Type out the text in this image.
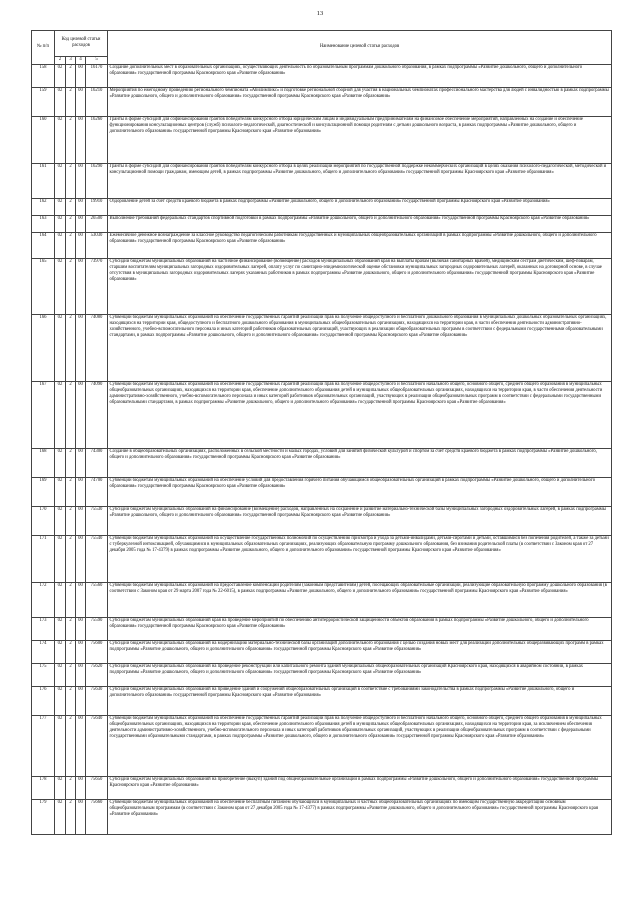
13
№ п/п	Код целевой статьи расходов				Наименование целевой статьи расходов
	2	3	4	5	
158	02	2	00	16170	Создание дополнительных мест в образовательных организациях, осуществляющих деятельность по образовательным программам дошкольного образования, в рамках подпрограммы «Развитие дошкольного, общего и дополнительного образования» государственной программы Красноярского края «Развитие образования»
159	02	2	00	16210	Мероприятия по ежегодному проведению регионального чемпионата «Абилимпикс» и подготовке региональной сборной для участия в национальных чемпионатах профессионального мастерства для людей с инвалидностью в рамках подпрограммы «Развитие дошкольного, общего и дополнительного образования» государственной программы Красноярского края «Развитие образования»
160	02	2	00	16260	Гранты в форме субсидий для софинансирования грантов победителям конкурсного отбора юридическим лицам и индивидуальным предпринимателям на финансовое обеспечение мероприятий, направленных на создание и обеспечение функционирования консультационных центров (служб) психолого-педагогической, диагностической и консультационной помощи родителям с детьми дошкольного возраста, в рамках подпрограммы «Развитие дошкольного, общего и дополнительного образования» государственной программы Красноярского края «Развитие образования»
161	02	2	00	16290	Гранты в форме субсидий для софинансирования грантов победителям конкурсного отбора в целях реализации мероприятий по государственной поддержке некоммерческих организаций в целях оказания психолого-педагогической, методической и консультационной помощи гражданам, имеющим детей, в рамках подпрограммы «Развитие дошкольного, общего и дополнительного образования» государственной программы Красноярского края «Развитие образования»
162	02	2	00	19910	Оздоровление детей за счет средств краевого бюджета в рамках подпрограммы «Развитие дошкольного, общего и дополнительного образования» государственной программы Красноярского края «Развитие образования»
163	02	2	00	26500	Выполнение требований федеральных стандартов спортивной подготовки в рамках подпрограммы «Развитие дошкольного, общего и дополнительного образования» государственной программы Красноярского края «Развитие образования»
164	02	2	00	53030	Ежемесячное денежное вознаграждение за классное руководство педагогическим работникам государственных и муниципальных общеобразовательных организаций в рамках подпрограммы «Развитие дошкольного, общего и дополнительного образования» государственной программы Красноярского края «Развитие образования»
165	02	2	00	73970	Субсидии бюджетам муниципальных образований на частичное финансирование (возмещение) расходов муниципальных образований края на выплаты врачам (включая санитарных врачей), медицинским сестрам диетическим, шеф-поварам, старшим воспитателям муниципальных загородных оздоровительных лагерей, оплату услуг по санитарно-эпидемиологической оценке обстановки муниципальных загородных оздоровительных лагерей, оказанных на договорной основе, в случае отсутствия в муниципальных загородных оздоровительных лагерях указанных работников в рамках подпрограммы «Развитие дошкольного, общего и дополнительного образования» государственной программы Красноярского края «Развитие образования»
166	02	2	00	74080	Субвенции бюджетам муниципальных образований на обеспечение государственных гарантий реализации прав на получение общедоступного и бесплатного дошкольного образования в муниципальных дошкольных образовательных организациях, находящихся на территории края, общедоступного и бесплатного дошкольного образования в муниципальных общеобразовательных организациях, находящихся на территории края, в части обеспечения деятельности административно-хозяйственного, учебно-вспомогательного персонала и иных категорий работников образовательных организаций, участвующих в реализации общеобразовательных программ в соответствии с федеральными государственными образовательными стандартами, в рамках подпрограммы «Развитие дошкольного, общего и дополнительного образования» государственной программы Красноярского края «Развитие образования»
167	02	2	00	74090	Субвенции бюджетам муниципальных образований на обеспечение государственных гарантий реализации прав на получение общедоступного и бесплатного начального общего, основного общего, среднего общего образования в муниципальных общеобразовательных организациях, находящихся на территории края, обеспечение дополнительного образования детей в муниципальных общеобразовательных организациях, находящихся на территории края, в части обеспечения деятельности административно-хозяйственного, учебно-вспомогательного персонала и иных категорий работников образовательных организаций, участвующих в реализации общеобразовательных программ в соответствии с федеральными государственными образовательными стандартами, в рамках подпрограммы «Развитие дошкольного, общего и дополнительного образования» государственной программы Красноярского края «Развитие образования»
168	02	2	00	74300	Создание в общеобразовательных организациях, расположенных в сельской местности и малых городах, условий для занятий физической культурой и спортом за счет средств краевого бюджета в рамках подпрограммы «Развитие дошкольного, общего и дополнительного образования» государственной программы Красноярского края «Развитие образования»
169	02	2	00	74700	Субвенции бюджетам муниципальных образований на обеспечение условий для предоставления горячего питания обучающимся общеобразовательных организаций в рамках подпрограммы «Развитие дошкольного, общего и дополнительного образования» государственной программы Красноярского края «Развитие образования»
170	02	2	00	75530	Субсидии бюджетам муниципальных образований на финансирование (возмещение) расходов, направленных на сохранение и развитие материально-технической базы муниципальных загородных оздоровительных лагерей, в рамках подпрограммы «Развитие дошкольного, общего и дополнительного образования» государственной программы Красноярского края «Развитие образования»
171	02	2	00	75540	Субвенции бюджетам муниципальных образований на осуществление государственных полномочий по осуществлению присмотра и ухода за детьми-инвалидами, детьми-сиротами и детьми, оставшимися без попечения родителей, а также за детьми с туберкулезной интоксикацией, обучающимися в муниципальных образовательных организациях, реализующих образовательную программу дошкольного образования, без взимания родительской платы (в соответствии с Законом края от 27 декабря 2005 года № 17-4379) в рамках подпрограммы «Развитие дошкольного, общего и дополнительного образования» государственной программы Красноярского края «Развитие образования»
172	02	2	00	75560	Субвенции бюджетам муниципальных образований на предоставление компенсации родителям (законным представителям) детей, посещающих образовательные организации, реализующие образовательную программу дошкольного образования (в соответствии с Законом края от 29 марта 2007 года № 22-6015), в рамках подпрограммы «Развитие дошкольного, общего и дополнительного образования» государственной программы Красноярского края «Развитие образования»
173	02	2	00	75590	Субсидии бюджетам муниципальных образований края на проведение мероприятий по обеспечению антитеррористической защищенности объектов образования в рамках подпрограммы «Развитие дошкольного, общего и дополнительного образования» государственной программы Красноярского края «Развитие образования»
174	02	2	00	75600	Субсидии бюджетам муниципальных образований на модернизацию материально-технической базы организаций дополнительного образования с целью создания новых мест для реализации дополнительных общеразвивающих программ в рамках подпрограммы «Развитие дошкольного, общего и дополнительного образования» государственной программы Красноярского края «Развитие образования»
175	02	2	00	75620	Субсидии бюджетам муниципальных образований на проведение реконструкции или капитального ремонта зданий муниципальных общеобразовательных организаций Красноярского края, находящихся в аварийном состоянии, в рамках подпрограммы «Развитие дошкольного, общего и дополнительного образования» государственной программы Красноярского края «Развитие образования»
176	02	2	00	75630	Субсидии бюджетам муниципальных образований на приведение зданий и сооружений общеобразовательных организаций в соответствие с требованиями законодательства в рамках подпрограммы «Развитие дошкольного, общего и дополнительного образования» государственной программы Красноярского края «Развитие образования»
177	02	2	00	75640	Субвенции бюджетам муниципальных образований на обеспечение государственных гарантий реализации прав на получение общедоступного и бесплатного начального общего, основного общего, среднего общего образования в муниципальных общеобразовательных организациях, находящихся на территории края, обеспечение дополнительного образования детей в муниципальных общеобразовательных организациях, находящихся на территории края, за исключением обеспечения деятельности административно-хозяйственного, учебно-вспомогательного персонала и иных категорий работников образовательных организаций, участвующих в реализации общеобразовательных программ в соответствии с федеральными государственными образовательными стандартами, в рамках подпрограммы «Развитие дошкольного, общего и дополнительного образования» государственной программы Красноярского края «Развитие образования»
178	02	2	00	75650	Субсидии бюджетам муниципальных образований на приобретение (выкуп) зданий под общеобразовательные организации в рамках подпрограммы «Развитие дошкольного, общего и дополнительного образования» государственной программы Красноярского края «Развитие образования»
179	02	2	00	75660	Субвенции бюджетам муниципальных образований на обеспечение бесплатным питанием обучающихся в муниципальных и частных общеобразовательных организациях по имеющим государственную аккредитацию основным общеобразовательным программам (в соответствии с Законом края от 27 декабря 2005 года № 17-4377) в рамках подпрограммы «Развитие дошкольного, общего и дополнительного образования» государственной программы Красноярского края «Развитие образования»
